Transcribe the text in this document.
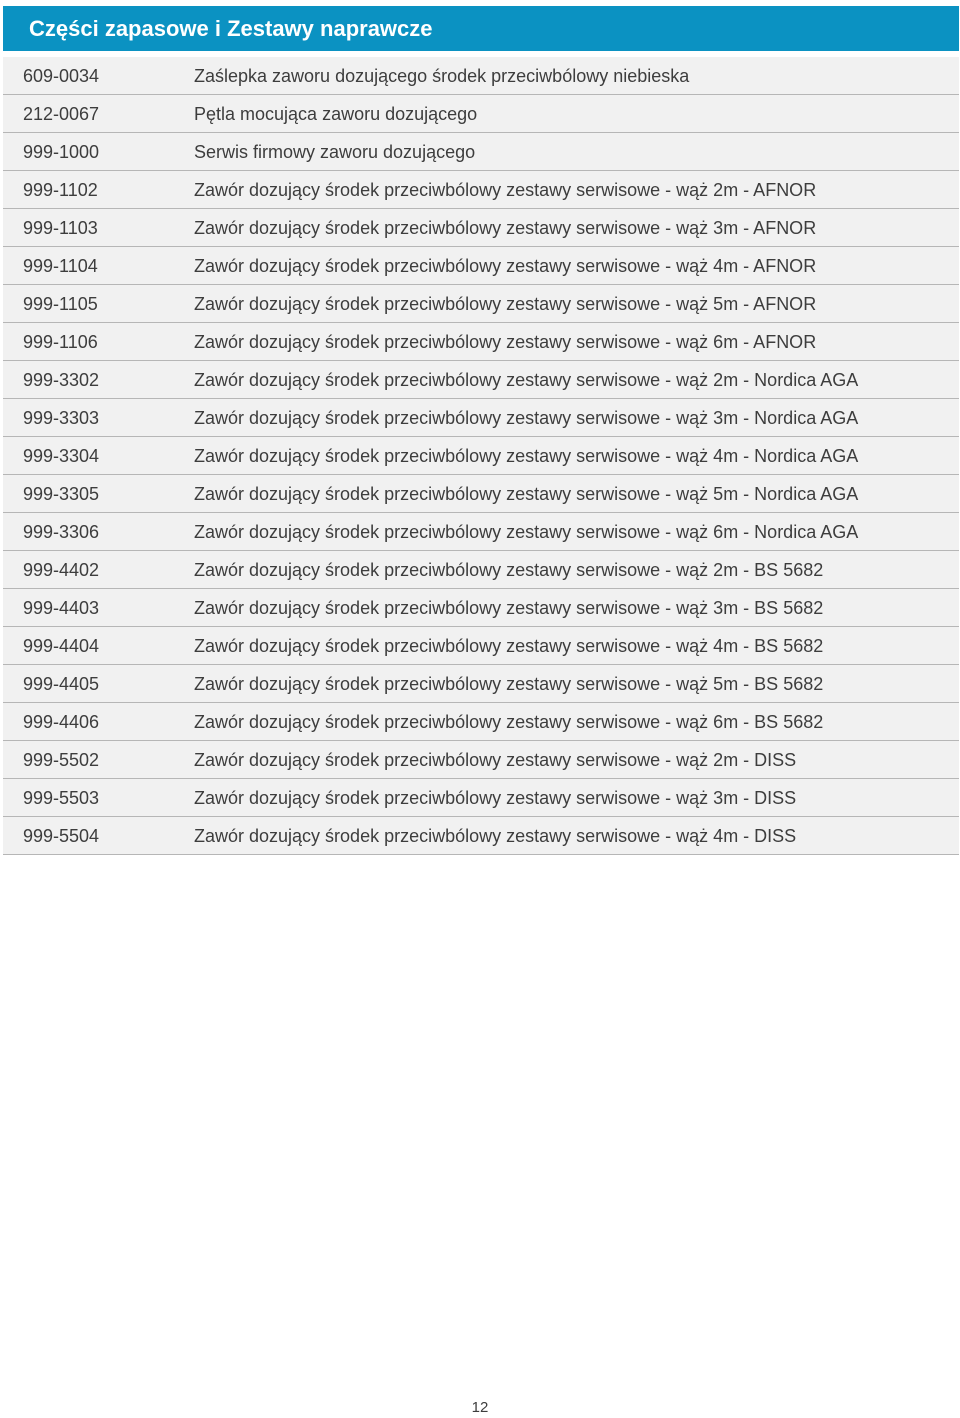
Części zapasowe i Zestawy naprawcze
609-0034	Zaślepka zaworu dozującego środek przeciwbólowy niebieska
212-0067	Pętla mocująca zaworu dozującego
999-1000	Serwis firmowy zaworu dozującego
999-1102	Zawór dozujący środek przeciwbólowy zestawy serwisowe - wąż 2m - AFNOR
999-1103	Zawór dozujący środek przeciwbólowy zestawy serwisowe - wąż 3m - AFNOR
999-1104	Zawór dozujący środek przeciwbólowy zestawy serwisowe - wąż 4m - AFNOR
999-1105	Zawór dozujący środek przeciwbólowy zestawy serwisowe - wąż 5m - AFNOR
999-1106	Zawór dozujący środek przeciwbólowy zestawy serwisowe - wąż 6m - AFNOR
999-3302	Zawór dozujący środek przeciwbólowy zestawy serwisowe - wąż 2m - Nordica AGA
999-3303	Zawór dozujący środek przeciwbólowy zestawy serwisowe - wąż 3m - Nordica AGA
999-3304	Zawór dozujący środek przeciwbólowy zestawy serwisowe - wąż 4m - Nordica AGA
999-3305	Zawór dozujący środek przeciwbólowy zestawy serwisowe - wąż 5m - Nordica AGA
999-3306	Zawór dozujący środek przeciwbólowy zestawy serwisowe - wąż 6m - Nordica AGA
999-4402	Zawór dozujący środek przeciwbólowy zestawy serwisowe - wąż 2m - BS 5682
999-4403	Zawór dozujący środek przeciwbólowy zestawy serwisowe - wąż 3m - BS 5682
999-4404	Zawór dozujący środek przeciwbólowy zestawy serwisowe - wąż 4m - BS 5682
999-4405	Zawór dozujący środek przeciwbólowy zestawy serwisowe - wąż 5m - BS 5682
999-4406	Zawór dozujący środek przeciwbólowy zestawy serwisowe - wąż 6m - BS 5682
999-5502	Zawór dozujący środek przeciwbólowy zestawy serwisowe - wąż 2m - DISS
999-5503	Zawór dozujący środek przeciwbólowy zestawy serwisowe - wąż 3m - DISS
999-5504	Zawór dozujący środek przeciwbólowy zestawy serwisowe - wąż 4m - DISS
12
